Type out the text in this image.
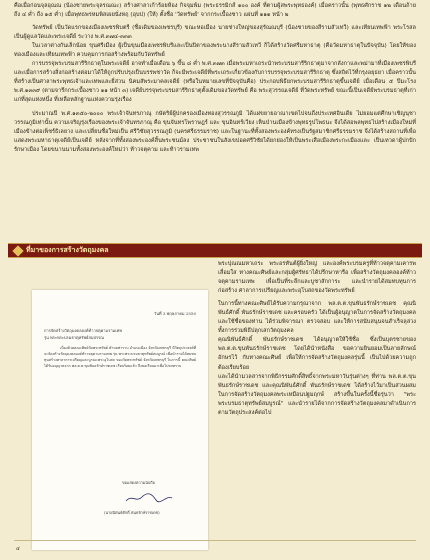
คือเมื่อก่อนจุลอุณณ (น้องชายพระจุลรณณะ) สร้างศาลาเก้าร้อยห้อง กิจจุมพ้ม (พระธรรมิกส์ ๑๐๐ องค์ ที่ตามผู้สพระพุทธองค์) เมื่อคราวนั้น (พุทธศักราช ๑๒ เดือนถ้าย ถึง ๔ ค่ำ ถึง ๑๕ ค่ำ) เมื่อพุทธพรหมพิสเผยนั่งหฤ (อุบป) (ให้) ตั้งชื่อ 'วัดทรัพย์' จากกระเบื้องชาว แผ่นที่ ๑๑๑ หน้า ๒

วัดทรัพย์ เป็นวัดแรกของเมืองเพชรพิบตรี (ชื่อเดิมของเพชรบุรี) ขณะหอเมือง นายช่างใหญ่ของสุรัณณบุรี (น้องชายของสีรามสัวเทวี) และเทียนเทพฟ้า พระโรสล เป็นผู้ดูแลวัดและพระเจดีย์ ระวาง พ.ศ.๓๗๔-๓๓๓

ในเวลาต่างกันเล็กน้อย ขุนศรีเมือง ผู้เป็นขุนเมืองเพชรพิบรีและเป็นปิตาของพระนางสีรามสัวเทวี ก็ได้สร้างวัดศรีมหาธาตุ (คือวัดมหาธาตุในปัจจุบัน) โดยให้ของทองเมืองและเทียนเทพฟ้า ควบคุมการก่อสร้างพร้อมกับวัดทรัพย์

การบรรจุพระบรมสารีริกธาตุในพระเจดีย์ อาจทำเมื่อเดือน ๖ ขึ้น ๘ ค่ำ พ.ศ.๓๗๓ เมื่อพระมหาเถระนำพระบรมสารีริกธาตุมาจากลังกาและพม่ามาที่เมืองเพชรพิบรี และเมื่อการสร้างสิ่งก่อสร้างต่อมาได้ให้ถูกปรับปรุงเป็นบรรพชาวัด ก็จะมีพระเจดีย์ที่พระเถระเกี่ยวข้องกับการบรรจุพระบรมสารีริกธาตุ ซึ่งสถิตไว้ที่กรุงอยุธยา เมื่อคราวนั้น ที่สร้างเป็นศาลาพระพุทธเจ้าและเทพและยี่ส่วน นิคมสัพระมาคลเจดีย์ (หรือในหมายเลขที่ปัจจุบันคือ) ประกอบพิธียกพระบรมสารีริกธาตุขึ้นเจดีย์ เมื่อเดือน ๕ ปีมะโรง พ.ศ.๑๓๓๙ (ตามจารึกกระเบื้องชาว ๑๑ หน้า ๓) เจดีย์บรรจุพระบรมสารีริกธาตุตั้งเดิมของวัดทรัพย์ คือ พระสุวรรณเจดีย์ ที่วัดพระทรัพย์ ขณะนี้เป็นเจดีย์พระบรมธาตุที่เก่าแก่ที่สุดแห่งหนึ่ง ที่เหลือหลักฐานแห่งความรุ่งเรือง

ประมาณปี พ.ศ.๑๓๕๐-๒๐๐๐ พระเจ้าจันทรภาณุ กษัตริย์ผู้ปกครองเมืองทองสุวรรณภูมิ ได้แผ่ขยายอาณาเขตไปจนถึงประเทศอินเดีย ไม่ยอมแต่ศึกษาเชิญนุชาวรรณภูมิเท่านั้น ความเจริญรุ่งเรืองของพระเจ้าจันทรภาณุ คือ ขุนจันทรโพราษฎร์ และ ขุนอินทร์เวียง เห็นป่านเมืองข้างพุทธรูปโพธนะ จึงได้สอพลพุทธไปสร้างเมืองใหม่ที่เมืองข้างต่อเพ็ชร์ธิเลยาง และเปลี่ยนชื่อใหม่เป็น ศรีวิชัยสุวรรณภูมิ (นครศรีธรรมราช) และในฐานะที่ทั้งสองพระองค์ทรงเป็นรัฐสมาชิกศรีธรรมราช จึงได้สร้างสถานที่เพื่อแสดงพระมหาธาตุเจดีย์เป็นเจดีย์ หลังจากที่ทั้งสองพระองค์สิ้นพระชนม์ลง ประชาชนในสังเขปอดศรีวิชัยได้ยกย่องให้เป็นพระเสือเมืองพระกะเมืองและ เป็นเทวดาผู้ปกปักรักษาเมือง โดยขนานนามทั้งสองพระองค์ใหม่ว่า ท้าวจตุคาม และท้าวรามเทพ

ที่มาของการสร้างวัตถุมงคล
วันที่ 3 พฤษภาคม 2550
การจัดสร้างวัตถุมงคลองค์ท้าวจตุคามรามเทพ
รุ่น พระพระบรมธาตุทรัพย์สมปรรณ
เนื่องด้วยคณะศิษย์วัดพระทรัพย์ ตำบลท่าราบ อำเภอเมือง จังหวัดเพชรบุรี มีวัตถุประสงค์ที่จะจัดสร้างวัตถุมงคลองค์ท้าวจตุคามรามเทพ รุ่น พระพระบรมธาตุทรัพย์สมบูรณ์ เพื่อนำรายได้สมทบทุนสร้างศาลาการเปรียญและบูรณะพระอุโบสถ ของวัดพระทรัพย์ จังหวัดเพชรบุรี ในการนี้ คณะศิษย์ได้รับอนุญาตจาก พล.ต.ต.ขุนพันธรักษ์ราชเดช เรียบร้อยแล้ว จึงขอเรียนมาเพื่อโปรดทราบ
ขอแสดงความนับถือ
(นายนิพันธ์ศักดิ์ พันธรักษ์ราชเดช)

พระปุณณมหาเถระ พระอรหันต์ผู้ยิ่งใหญ่ และองค์พระบรมครูที่ท้าวจตุคามเคารพเลื่อมใส ทางคณะศิษย์และกลุ่มผู้ศรัทธาได้ปรึกษาหารือ เพื่อสร้างวัตถุมงคลองค์ท้าวจตุคามรามเทพ เพื่อเป็นที่ระลึกและบูชาสักการะ และนำรายได้สมทบทุนการก่อสร้าง ศาลาการเปรียญและพระอุโบสถของวัดพระทรัพย์

ในการนี้ทางคณะศิษย์ได้รับความกรุณาจาก พล.ต.ต.ขุนพันธรักษ์ราชเดช คุณนิพันธ์ศักดิ์ พันธรักษ์ราชเดช และครอบครัว ได้เป็นผู้อนุญาตในการจัดสร้างวัตถุมงคลและใช้ชื่อของท่าน ได้ร่วมพิจารณา ตรวจสอบ และให้การสนับสนุนจนสำเร็จลุล่วง ทั้งการร่วมพิธีปลุกเสกวัตถุมงคล

คุณนิพันธ์ศักดิ์ พันธรักษ์ราชเดช ได้อนุญาตให้ใช้ชื่อ ซึ่งเป็นบุตรชายของ พล.ต.ต.ขุนพันธรักษ์ราชเดช โดยได้นำหนังสือ ขอความยินยอมเป็นลายลักษณ์อักษรไว้ กับทางคณะศิษย์ เพื่อให้การจัดสร้างวัตถุมงคลรุ่นนี้ เป็นไปด้วยความถูกต้องเรียบร้อย

และได้นำมวลสารจากพิธีกรรมศักดิ์สิทธิ์จากพระมหาวันรุ่นต่างๆ ที่ท่าน พล.ต.ต.ขุนพันธรักษ์ราชเดช และคุณนิพันธ์ศักดิ์ พันธรักษ์ราชเดช ได้สร้างไว้มาเป็นส่วนผสมในการจัดสร้างวัตถุมงคลพระเหมือนปฐมฤกษ์ สร้างขึ้นในครั้งนี้ชื่อรุ่นว่า "พระพระบรมธาตุทรัพย์สมบูรณ์" และนำรายได้จากการจัดสร้างวัตถุมงคลมาดำเนินการตามวัตถุประสงค์ต่อไป

๔
